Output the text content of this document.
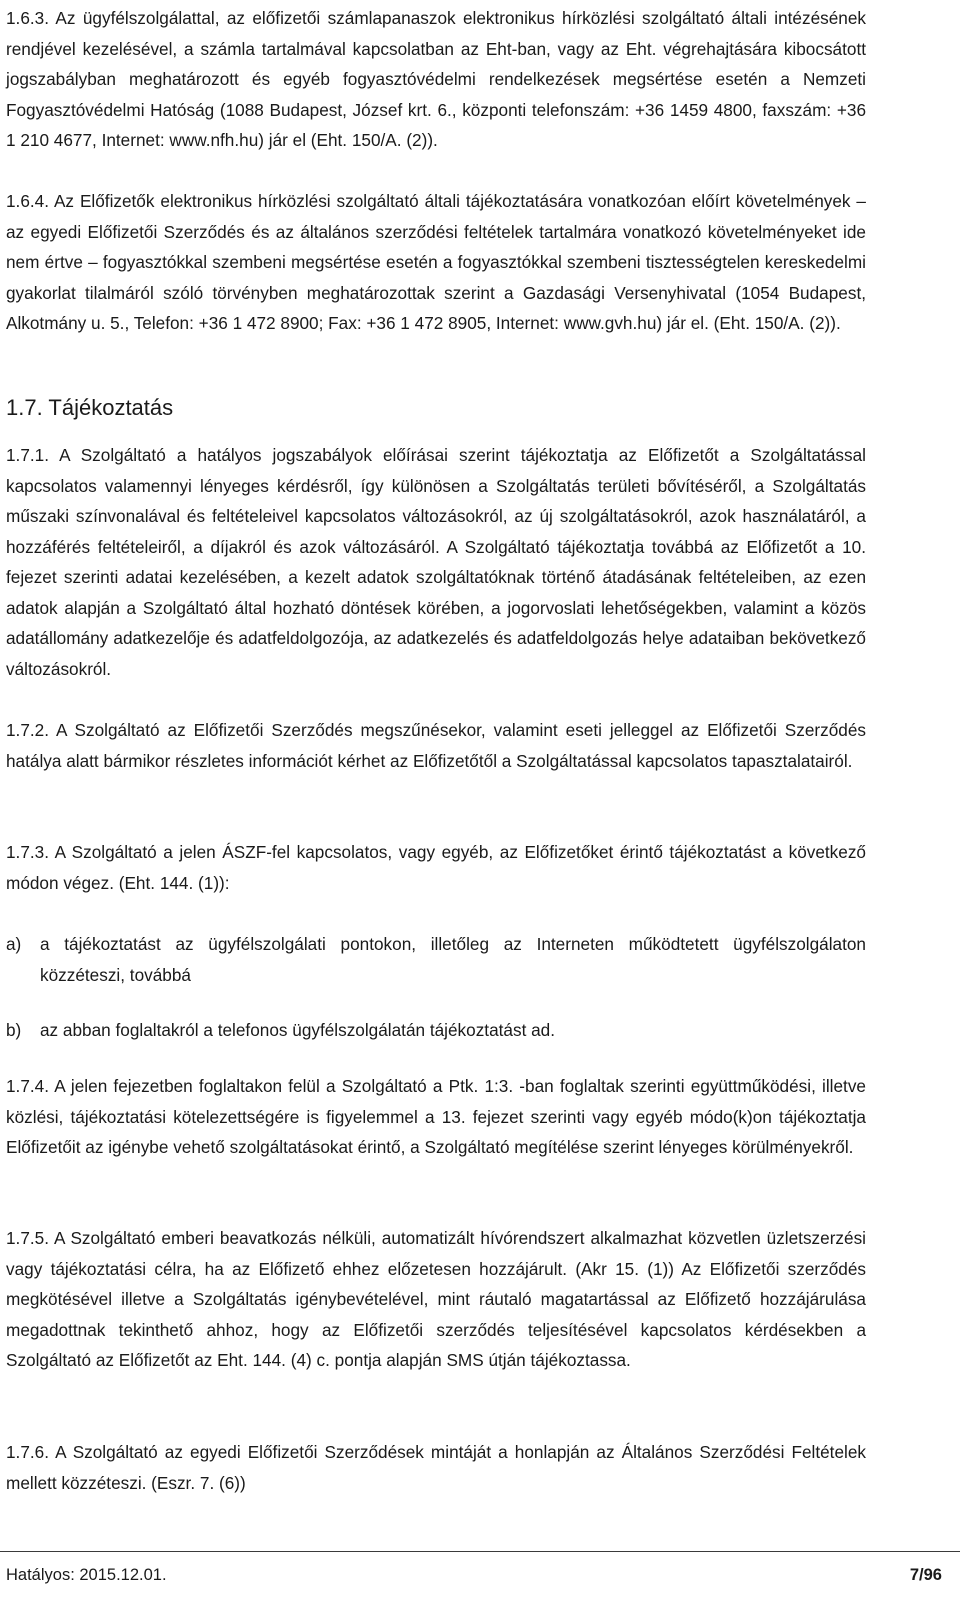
1.6.3. Az ügyfélszolgálattal, az előfizetői számlapanaszok elektronikus hírközlési szolgáltató általi intézésének rendjével kezelésével, a számla tartalmával kapcsolatban az Eht-ban, vagy az Eht. végrehajtására kibocsátott jogszabályban meghatározott és egyéb fogyasztóvédelmi rendelkezések megsértése esetén a Nemzeti Fogyasztóvédelmi Hatóság (1088 Budapest, József krt. 6., központi telefonszám: +36 1459 4800, faxszám: +36 1 210 4677, Internet: www.nfh.hu) jár el (Eht. 150/A. (2)).

1.6.4. Az Előfizetők elektronikus hírközlési szolgáltató általi tájékoztatására vonatkozóan előírt követelmények – az egyedi Előfizetői Szerződés és az általános szerződési feltételek tartalmára vonatkozó követelményeket ide nem értve – fogyasztókkal szembeni megsértése esetén a fogyasztókkal szembeni tisztességtelen kereskedelmi gyakorlat tilalmáról szóló törvényben meghatározottak szerint a Gazdasági Versenyhivatal (1054 Budapest, Alkotmány u. 5., Telefon: +36 1 472 8900; Fax: +36 1 472 8905, Internet: www.gvh.hu) jár el. (Eht. 150/A. (2)).

1.7. Tájékoztatás

1.7.1. A Szolgáltató a hatályos jogszabályok előírásai szerint tájékoztatja az Előfizetőt a Szolgáltatással kapcsolatos valamennyi lényeges kérdésről, így különösen a Szolgáltatás területi bővítéséről, a Szolgáltatás műszaki színvonalával és feltételeivel kapcsolatos változásokról, az új szolgáltatásokról, azok használatáról, a hozzáférés feltételeiről, a díjakról és azok változásáról. A Szolgáltató tájékoztatja továbbá az Előfizetőt a 10. fejezet szerinti adatai kezelésében, a kezelt adatok szolgáltatóknak történő átadásának feltételeiben, az ezen adatok alapján a Szolgáltató által hozható döntések körében, a jogorvoslati lehetőségekben, valamint a közös adatállomány adatkezelője és adatfeldolgozója, az adatkezelés és adatfeldolgozás helye adataiban bekövetkező változásokról.

1.7.2. A Szolgáltató az Előfizetői Szerződés megszűnésekor, valamint eseti jelleggel az Előfizetői Szerződés hatálya alatt bármikor részletes információt kérhet az Előfizetőtől a Szolgáltatással kapcsolatos tapasztalatairól.

1.7.3. A Szolgáltató a jelen ÁSZF-fel kapcsolatos, vagy egyéb, az Előfizetőket érintő tájékoztatást a következő módon végez. (Eht. 144. (1)):

a) a tájékoztatást az ügyfélszolgálati pontokon, illetőleg az Interneten működtetett ügyfélszolgálaton közzéteszi, továbbá

b) az abban foglaltakról a telefonos ügyfélszolgálatán tájékoztatást ad.

1.7.4. A jelen fejezetben foglaltakon felül a Szolgáltató a Ptk. 1:3. -ban foglaltak szerinti együttműködési, illetve közlési, tájékoztatási kötelezettségére is figyelemmel a 13. fejezet szerinti vagy egyéb módo(k)on tájékoztatja Előfizetőit az igénybe vehető szolgáltatásokat érintő, a Szolgáltató megítélése szerint lényeges körülményekről.

1.7.5. A Szolgáltató emberi beavatkozás nélküli, automatizált hívórendszert alkalmazhat közvetlen üzletszerzési vagy tájékoztatási célra, ha az Előfizető ehhez előzetesen hozzájárult. (Akr 15. (1)) Az Előfizetői szerződés megkötésével illetve a Szolgáltatás igénybevételével, mint ráutaló magatartással az Előfizető hozzájárulása megadottnak tekinthető ahhoz, hogy az Előfizetői szerződés teljesítésével kapcsolatos kérdésekben a Szolgáltató az Előfizetőt az Eht. 144. (4) c. pontja alapján SMS útján tájékoztassa.

1.7.6. A Szolgáltató az egyedi Előfizetői Szerződések mintáját a honlapján az Általános Szerződési Feltételek mellett közzéteszi. (Eszr. 7. (6))

Hatályos: 2015.12.01.	7/96
